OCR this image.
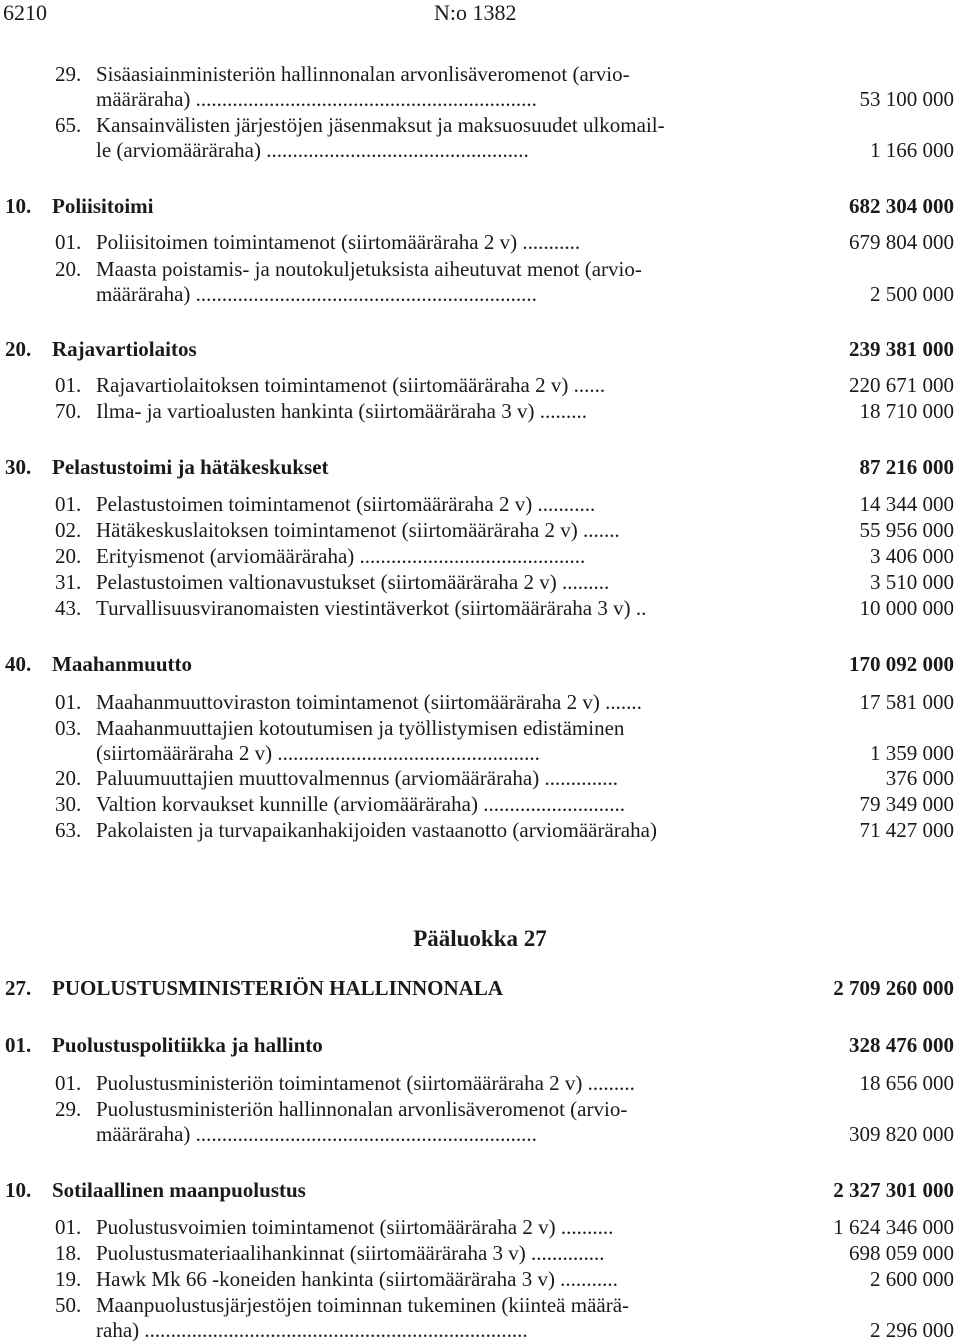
6210	N:o 1382
29. Sisäasiainministeriön hallinnonalan arvonlisäveromenot (arvio-
määräraha) .................................................................	53 100 000
65. Kansainvälisten järjestöjen jäsenmaksut ja maksuosuudet ulkomail-
le (arviomääräraha) ..................................................	1 166 000
10. Poliisitoimi	682 304 000
01. Poliisitoimen toimintamenot (siirtomääräraha 2 v) ...........	679 804 000
20. Maasta poistamis- ja noutokuljetuksista aiheutuvat menot (arvio-
määräraha) .................................................................	2 500 000
20. Rajavartiolaitos	239 381 000
01. Rajavartiolaitoksen toimintamenot (siirtomääräraha 2 v) ......	220 671 000
70. Ilma- ja vartioalusten hankinta (siirtomääräraha 3 v) .........	18 710 000
30. Pelastustoimi ja hätäkeskukset	87 216 000
01. Pelastustoimen toimintamenot (siirtomääräraha 2 v) ...........	14 344 000
02. Hätäkeskuslaitoksen toimintamenot (siirtomääräraha 2 v) .......	55 956 000
20. Erityismenot (arviomääräraha) ...........................................	3 406 000
31. Pelastustoimen valtionavustukset (siirtomääräraha 2 v) .........	3 510 000
43. Turvallisuusviranomaisten viestintäverkot (siirtomääräraha 3 v) ..	10 000 000
40. Maahanmuutto	170 092 000
01. Maahanmuuttoviraston toimintamenot (siirtomääräraha 2 v) .......	17 581 000
03. Maahanmuuttajien kotoutumisen ja työllistymisen edistäminen
(siirtomääräraha 2 v) ..................................................	1 359 000
20. Paluumuuttajien muuttovalmennus (arviomääräraha) ..............	376 000
30. Valtion korvaukset kunnille (arviomääräraha) ...........................	79 349 000
63. Pakolaisten ja turvapaikanhakijoiden vastaanotto (arviomääräraha)	71 427 000
Pääluokka 27
27. PUOLUSTUSMINISTERIÖN HALLINNONALA	2 709 260 000
01. Puolustuspolitiikka ja hallinto	328 476 000
01. Puolustusministeriön toimintamenot (siirtomääräraha 2 v) .........	18 656 000
29. Puolustusministeriön hallinnonalan arvonlisäveromenot (arvio-
määräraha) .................................................................	309 820 000
10. Sotilaallinen maanpuolustus	2 327 301 000
01. Puolustusvoimien toimintamenot (siirtomääräraha 2 v) ..........	1 624 346 000
18. Puolustusmateriaalihankinnat (siirtomääräraha 3 v) ..............	698 059 000
19. Hawk Mk 66 -koneiden hankinta (siirtomääräraha 3 v) ...........	2 600 000
50. Maanpuolustusjärjestöjen toiminnan tukeminen (kiinteä määrä-
raha) .........................................................................	2 296 000
